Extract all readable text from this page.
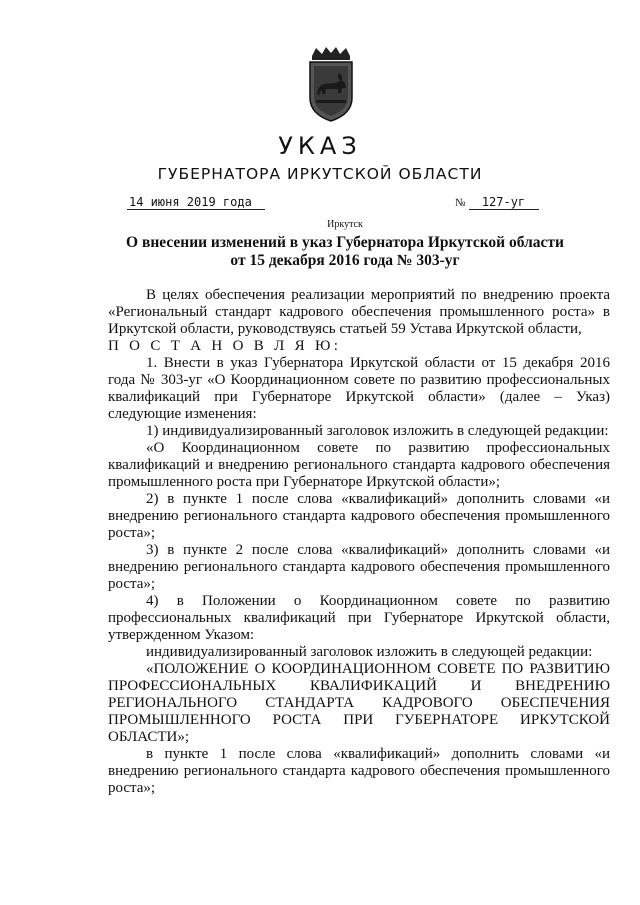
УКАЗ
ГУБЕРНАТОРА ИРКУТСКОЙ ОБЛАСТИ
14 июня 2019 года	№ 127-уг
Иркутск
О внесении изменений в указ Губернатора Иркутской области
от 15 декабря 2016 года № 303-уг

В целях обеспечения реализации мероприятий по внедрению проекта «Региональный стандарт кадрового обеспечения промышленного роста» в Иркутской области, руководствуясь статьей 59 Устава Иркутской области,

П О С Т А Н О В Л Я Ю:

1. Внести в указ Губернатора Иркутской области от 15 декабря 2016 года № 303-уг «О Координационном совете по развитию профессиональных квалификаций при Губернаторе Иркутской области» (далее – Указ) следующие изменения:

1) индивидуализированный заголовок изложить в следующей редакции:

«О Координационном совете по развитию профессиональных квалификаций и внедрению регионального стандарта кадрового обеспечения промышленного роста при Губернаторе Иркутской области»;

2) в пункте 1 после слова «квалификаций» дополнить словами «и внедрению регионального стандарта кадрового обеспечения промышленного роста»;

3) в пункте 2 после слова «квалификаций» дополнить словами «и внедрению регионального стандарта кадрового обеспечения промышленного роста»;

4) в Положении о Координационном совете по развитию профессиональных квалификаций при Губернаторе Иркутской области, утвержденном Указом:

индивидуализированный заголовок изложить в следующей редакции:

«ПОЛОЖЕНИЕ О КООРДИНАЦИОННОМ СОВЕТЕ ПО РАЗВИТИЮ ПРОФЕССИОНАЛЬНЫХ КВАЛИФИКАЦИЙ И ВНЕДРЕНИЮ РЕГИОНАЛЬНОГО СТАНДАРТА КАДРОВОГО ОБЕСПЕЧЕНИЯ ПРОМЫШЛЕННОГО РОСТА ПРИ ГУБЕРНАТОРЕ ИРКУТСКОЙ ОБЛАСТИ»;

в пункте 1 после слова «квалификаций» дополнить словами «и внедрению регионального стандарта кадрового обеспечения промышленного роста»;
